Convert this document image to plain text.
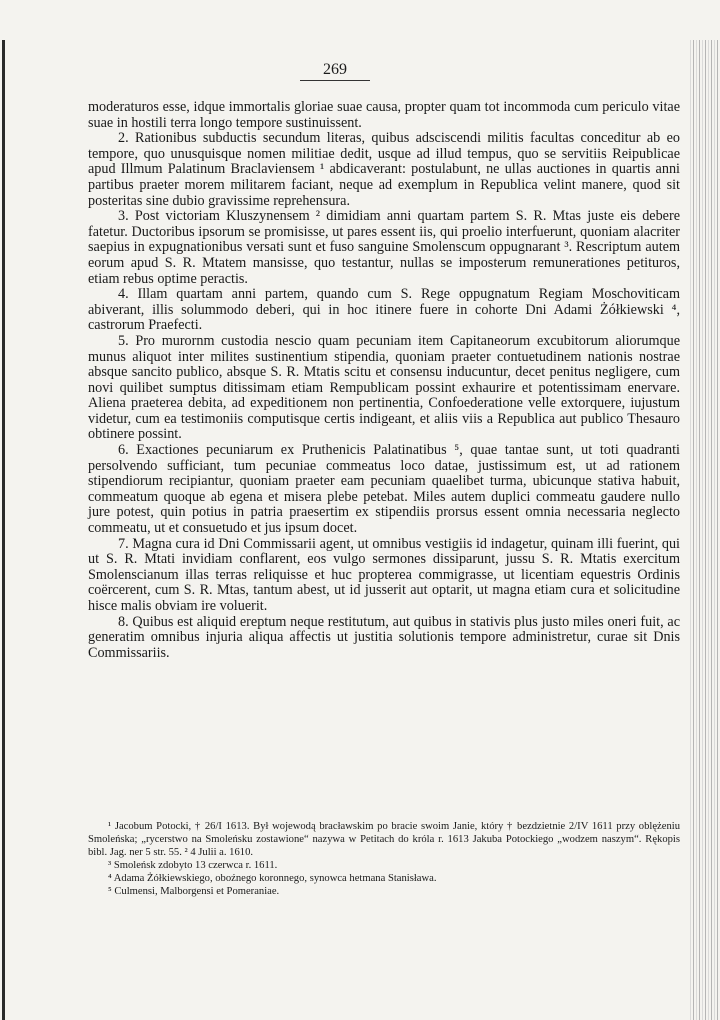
269

moderaturos esse, idque immortalis gloriae suae causa, propter quam tot incommoda cum periculo vitae suae in hostili terra longo tempore sustinuissent.

2. Rationibus subductis secundum literas, quibus adsciscendi militis facultas conceditur ab eo tempore, quo unusquisque nomen militiae dedit, usque ad illud tempus, quo se servitiis Reipublicae apud Illmum Palatinum Braclaviensem ¹ abdicaverant: postulabunt, ne ullas auctiones in quartis anni partibus praeter morem militarem faciant, neque ad exemplum in Republica velint manere, quod sit posteritas sine dubio gravissime reprehensura.

3. Post victoriam Kluszynensem ² dimidiam anni quartam partem S. R. Mtas juste eis debere fatetur. Ductoribus ipsorum se promisisse, ut pares essent iis, qui proelio interfuerunt, quoniam alacriter saepius in expugnationibus versati sunt et fuso sanguine Smolenscum oppugnarant ³. Rescriptum autem eorum apud S. R. Mtatem mansisse, quo testantur, nullas se imposterum remunerationes petituros, etiam rebus optime peractis.

4. Illam quartam anni partem, quando cum S. Rege oppugnatum Regiam Moschoviticam abiverant, illis solummodo deberi, qui in hoc itinere fuere in cohorte Dni Adami Żółkiewski ⁴, castrorum Praefecti.

5. Pro murornm custodia nescio quam pecuniam item Capitaneorum excubitorum aliorumque munus aliquot inter milites sustinentium stipendia, quoniam praeter contuetudinem nationis nostrae absque sancito publico, absque S. R. Mtatis scitu et consensu inducuntur, decet penitus negligere, cum novi quilibet sumptus ditissimam etiam Rempublicam possint exhaurire et potentissimam enervare. Aliena praeterea debita, ad expeditionem non pertinentia, Confoederatione velle extorquere, iujustum videtur, cum ea testimoniis computisque certis indigeant, et aliis viis a Republica aut publico Thesauro obtinere possint.

6. Exactiones pecuniarum ex Pruthenicis Palatinatibus ⁵, quae tantae sunt, ut toti quadranti persolvendo sufficiant, tum pecuniae commeatus loco datae, justissimum est, ut ad rationem stipendiorum recipiantur, quoniam praeter eam pecuniam quaelibet turma, ubicunque stativa habuit, commeatum quoque ab egena et misera plebe petebat. Miles autem duplici commeatu gaudere nullo jure potest, quin potius in patria praesertim ex stipendiis prorsus essent omnia necessaria neglecto commeatu, ut et consuetudo et jus ipsum docet.

7. Magna cura id Dni Commissarii agent, ut omnibus vestigiis id indagetur, quinam illi fuerint, qui ut S. R. Mtati invidiam conflarent, eos vulgo sermones dissiparunt, jussu S. R. Mtatis exercitum Smolenscianum illas terras reliquisse et huc propterea commigrasse, ut licentiam equestris Ordinis coërcerent, cum S. R. Mtas, tantum abest, ut id jusserit aut optarit, ut magna etiam cura et solicitudine hisce malis obviam ire voluerit.

8. Quibus est aliquid ereptum neque restitutum, aut quibus in stativis plus justo miles oneri fuit, ac generatim omnibus injuria aliqua affectis ut justitia solutionis tempore administretur, curae sit Dnis Commissariis.

¹ Jacobum Potocki, † 26/I 1613. Był wojewodą bracławskim po bracie swoim Janie, który † bezdzietnie 2/IV 1611 przy oblężeniu Smoleńska; „rycerstwo na Smoleńsku zostawione“ nazywa w Petitach do króla r. 1613 Jakuba Potockiego „wodzem naszym“. Rękopis bibl. Jag. ner 5 str. 55. ² 4 Julii a. 1610.

³ Smoleńsk zdobyto 13 czerwca r. 1611.

⁴ Adama Żółkiewskiego, oboźnego koronnego, synowca hetmana Stanisława.

⁵ Culmensi, Malborgensi et Pomeraniae.
